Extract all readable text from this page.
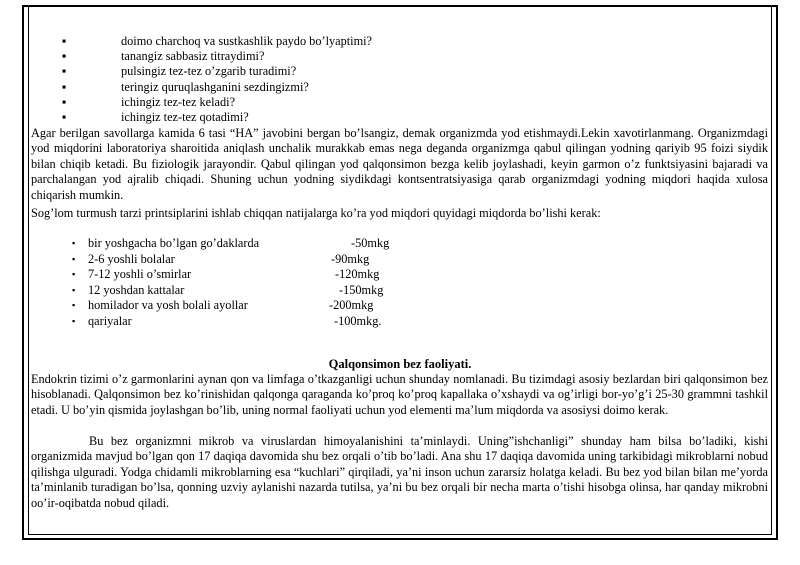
▪	doimo charchoq va sustkashlik paydo bo’lyaptimi?
▪	tanangiz sabbasiz titraydimi?
▪	pulsingiz tez-tez o’zgarib turadimi?
▪	teringiz quruqlashganini sezdingizmi?
▪	ichingiz tez-tez keladi?
▪	ichingiz tez-tez qotadimi?

Agar berilgan savollarga kamida 6 tasi “HA” javobini bergan bo’lsangiz, demak organizmda yod etishmaydi.Lekin xavotirlanmang. Organizmdagi yod miqdorini laboratoriya sharoitida aniqlash unchalik murakkab emas nega deganda organizmga qabul qilingan yodning qariyib 95 foizi siydik bilan chiqib ketadi. Bu fiziologik jarayondir. Qabul qilingan yod qalqonsimon bezga kelib joylashadi, keyin garmon o’z funktsiyasini bajaradi va parchalangan yod ajralib chiqadi. Shuning uchun yodning siydikdagi kontsentratsiyasiga qarab organizmdagi yodning miqdori haqida xulosa chiqarish mumkin.

Sog’lom turmush tarzi printsiplarini ishlab chiqqan natijalarga ko’ra yod miqdori quyidagi miqdorda bo’lishi kerak:

▪ bir yoshgacha bo’lgan go’daklarda	-50mkg
▪ 2-6 yoshli bolalar	-90mkg
▪ 7-12 yoshli o’smirlar	-120mkg
▪ 12 yoshdan kattalar	-150mkg
▪ homilador va yosh bolali ayollar	-200mkg
▪ qariyalar	-100mkg.
Qalqonsimon bez faoliyati.

Endokrin tizimi o’z garmonlarini aynan qon va limfaga o’tkazganligi uchun shunday nomlanadi. Bu tizimdagi asosiy bezlardan biri qalqonsimon bez hisoblanadi. Qalqonsimon bez ko’rinishidan qalqonga qaraganda ko’proq ko’proq kapallaka o’xshaydi va og’irligi bor-yo’g’i 25-30 grammni tashkil etadi. U bo’yin qismida joylashgan bo’lib, uning normal faoliyati uchun yod elementi ma’lum miqdorda va asosiysi doimo kerak.

Bu bez organizmni mikrob va viruslardan himoyalanishini ta’minlaydi. Uning”ishchanligi” shunday ham bilsa bo’ladiki, kishi organizmida mavjud bo’lgan qon 17 daqiqa davomida shu bez orqali o’tib bo’ladi. Ana shu 17 daqiqa davomida uning tarkibidagi mikroblarni nobud qilishga ulguradi. Yodga chidamli mikroblarning esa “kuchlari” qirqiladi, ya’ni inson uchun zararsiz holatga keladi. Bu bez yod bilan bilan me’yorda ta’minlanib turadigan bo’lsa, qonning uzviy aylanishi nazarda tutilsa, ya’ni bu bez orqali bir necha marta o’tishi hisobga olinsa, har qanday mikrobni oo’ir-oqibatda nobud qiladi.
